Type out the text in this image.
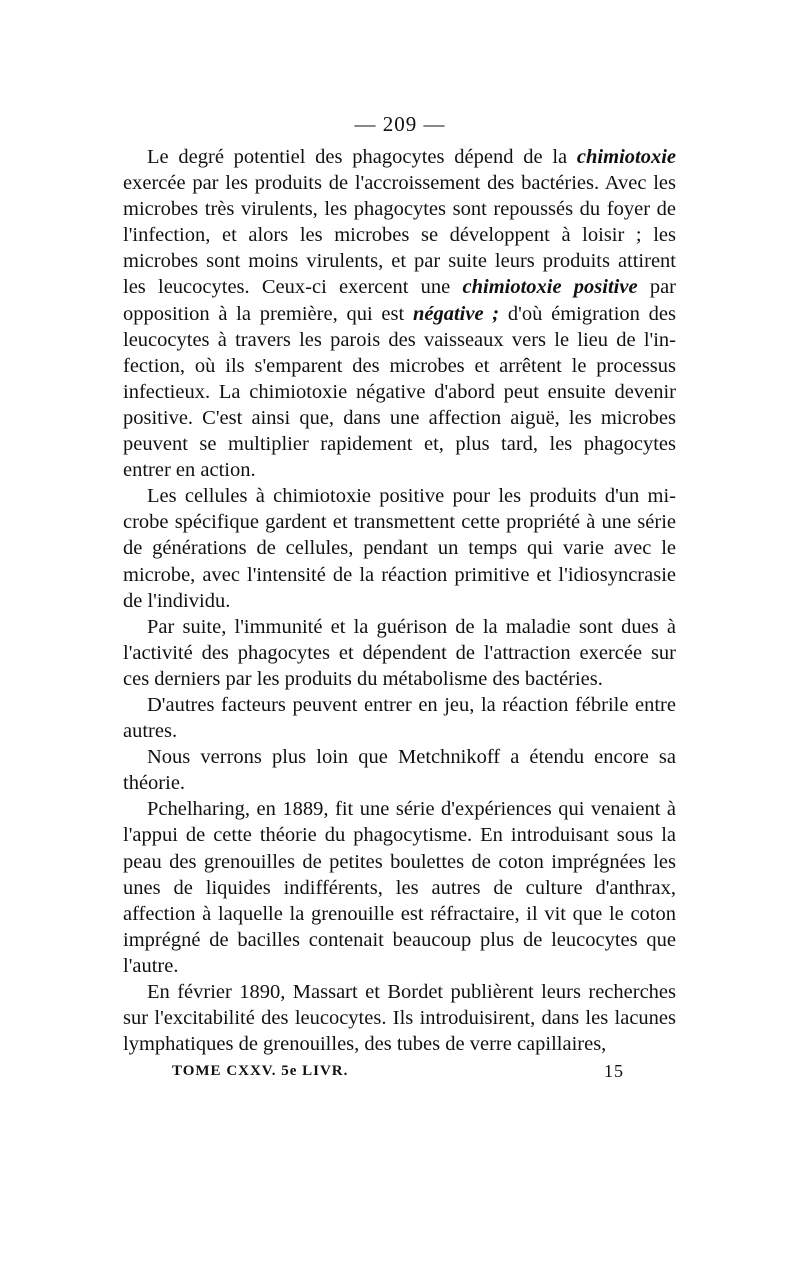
— 209 —

Le degré potentiel des phagocytes dépend de la chimiotoxie exercée par les produits de l'accroissement des bactéries. Avec les microbes très virulents, les phagocytes sont repoussés du foyer de l'infection, et alors les microbes se développent à loisir ; les microbes sont moins virulents, et par suite leurs produits attirent les leucocytes. Ceux-ci exercent une chimiotoxie positive par opposition à la première, qui est négative ; d'où émigration des leucocytes à travers les parois des vaisseaux vers le lieu de l'infection, où ils s'emparent des microbes et arrêtent le processus infectieux. La chimiotoxie négative d'abord peut ensuite devenir positive. C'est ainsi que, dans une affection aiguë, les microbes peuvent se multiplier rapidement et, plus tard, les phagocytes entrer en action.

Les cellules à chimiotoxie positive pour les produits d'un microbe spécifique gardent et transmettent cette propriété à une série de générations de cellules, pendant un temps qui varie avec le microbe, avec l'intensité de la réaction primitive et l'idiosyncrasie de l'individu.

Par suite, l'immunité et la guérison de la maladie sont dues à l'activité des phagocytes et dépendent de l'attraction exercée sur ces derniers par les produits du métabolisme des bactéries.

D'autres facteurs peuvent entrer en jeu, la réaction fébrile entre autres.

Nous verrons plus loin que Metchnikoff a étendu encore sa théorie.

Pchelharing, en 1889, fit une série d'expériences qui venaient à l'appui de cette théorie du phagocytisme. En introduisant sous la peau des grenouilles de petites boulettes de coton imprégnées les unes de liquides indifférents, les autres de culture d'anthrax, affection à laquelle la grenouille est réfractaire, il vit que le coton imprégné de bacilles contenait beaucoup plus de leucocytes que l'autre.

En février 1890, Massart et Bordet publièrent leurs recherches sur l'excitabilité des leucocytes. Ils introduisirent, dans les lacunes lymphatiques de grenouilles, des tubes de verre capillaires,

TOME CXXV. 5e LIVR.	15
